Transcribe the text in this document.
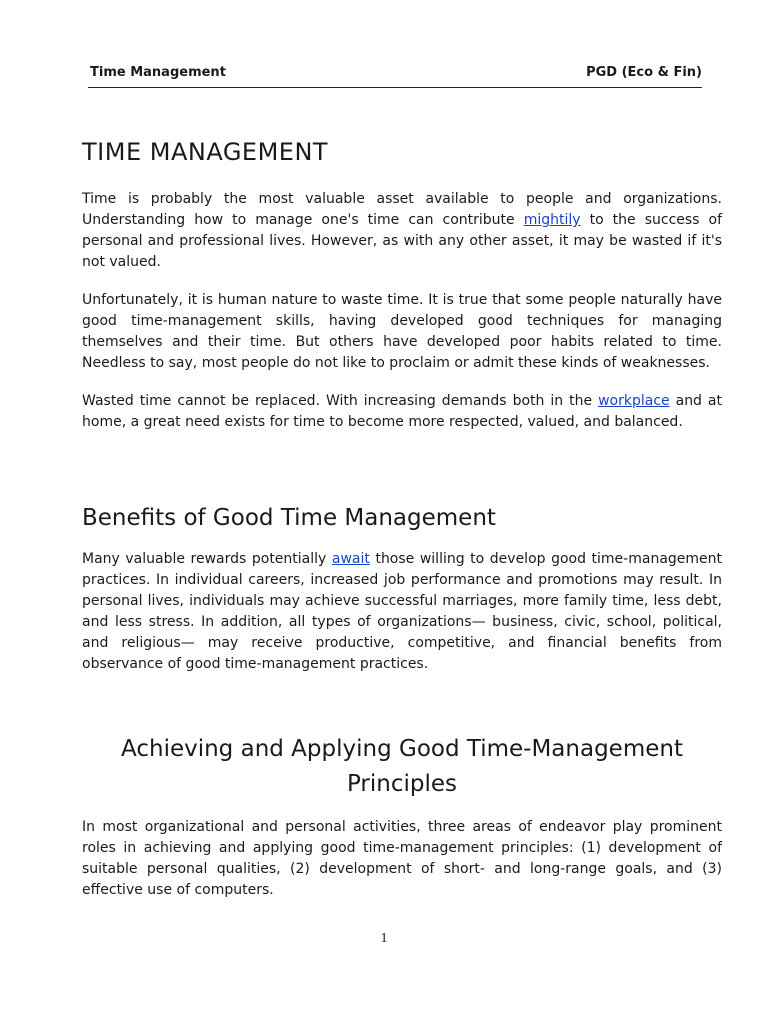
Time Management	PGD (Eco & Fin)
TIME MANAGEMENT

Time is probably the most valuable asset available to people and organizations. Understanding how to manage one's time can contribute mightily to the success of personal and professional lives. However, as with any other asset, it may be wasted if it's not valued.

Unfortunately, it is human nature to waste time. It is true that some people naturally have good time-management skills, having developed good techniques for managing themselves and their time. But others have developed poor habits related to time. Needless to say, most people do not like to proclaim or admit these kinds of weaknesses.

Wasted time cannot be replaced. With increasing demands both in the workplace and at home, a great need exists for time to become more respected, valued, and balanced.

Benefits of Good Time Management

Many valuable rewards potentially await those willing to develop good time-management practices. In individual careers, increased job performance and promotions may result. In personal lives, individuals may achieve successful marriages, more family time, less debt, and less stress. In addition, all types of organizations— business, civic, school, political, and religious— may receive productive, competitive, and financial benefits from observance of good time-management practices.

Achieving and Applying Good Time-Management Principles

In most organizational and personal activities, three areas of endeavor play prominent roles in achieving and applying good time-management principles: (1) development of suitable personal qualities, (2) development of short- and long-range goals, and (3) effective use of computers.

1
